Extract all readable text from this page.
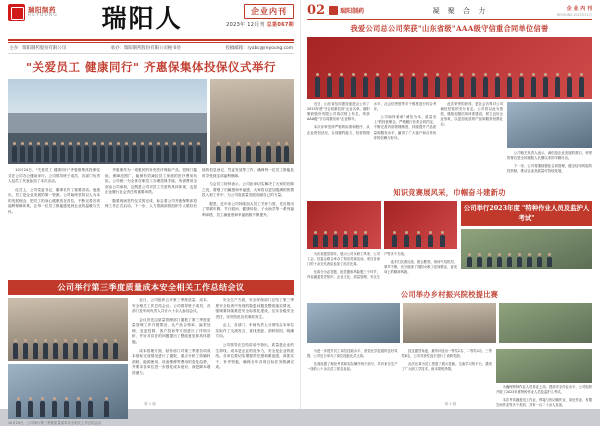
瑞阳制药
REYOUNG 瑞阳人	企业内刊
2023年 12月刊 总第067期
主办：瑞阳制药股份有限公司	承办：瑞阳制药股份有限公司秘书处	投稿邮箱：ryabc@reyoung.com
"关爱员工 健康同行" 齐惠保集体投保仪式举行

10月24日，"关爱员工 健康同行"齐惠保集体投保仪式在公司办公楼前举行。公司领导班子成员、各部门负责人及员工代表参加了本次活动。

仪式上，公司党委书记、董事长作了重要讲话。他指出，员工是企业发展的第一资源，公司始终坚持以人为本的发展理念，把员工的身心健康放在首位，不断完善各项福利保障体系，让每一位员工都能感受到企业的温暖与关怀。

齐惠保作为一项惠民的补充医疗保险产品，投保门槛低、保障范围广，能够有效减轻员工家庭的医疗费用负担。公司统一为全体在职员工办理投保手续，所需费用全部由公司承担，这既是公司对员工关爱的具体体现，也是企业履行社会责任的重要举措。

随着现场签约仪式的完成，标志着公司齐惠保集体投保工作正式启动。下一步，人力资源部将组织专人做好后续的信息登记、凭证发放等工作，确保每一位员工都能及时享受到这项福利保障。

与会员工纷纷表示，公司此举切实解决了大家的后顾之忧，增强了归属感和幸福感，大家将以更加饱满的热情投入到工作中，为公司高质量发展贡献自己的力量。

据悉，近年来公司持续加大员工关怀力度，先后推出了带薪年假、节日慰问、健康体检、子女助学等一系列福利举措，员工满意度和幸福指数不断提升。

公司举行第三季度质量成本安全相关工作总结会议
10月25日，公司举行第三季度质量成本安全相关工作总结会议

近日，公司组织召开第三季度质量、成本、安全相关工作总结会议。公司领导班子成员、各部门及车间负责人共计六十余人参加会议。

会议首先由质量管理部门通报了第三季度质量管理工作开展情况，从产品合格率、偏差处理、变更控制、客户投诉等方面进行了详细分析，并针对存在的问题提出了整改意见和具体措施。

成本管理方面，财务部门对第三季度各项成本指标完成情况进行了通报，重点分析了原辅料消耗、能源使用、设备维修等费用的变化趋势，并要求各单位进一步强化成本意识，深挖降本增效潜力。

安全生产方面，安全环保部门总结了第三季度安全检查中发现的隐患问题及整改落实情况，强调要持续推进安全标准化建设，压实各级安全责任，坚决防范各类事故发生。

会上，各部门、车间负责人分别结合本单位实际作了交流发言，查找差距、剖析原因、明确方向。

公司领导在总结讲话中指出，质量是企业的生命线，成本是企业的竞争力，安全是企业的底线。各单位要切实增强责任感和紧迫感，真抓实干，补齐短板，确保全年各项目标任务圆满完成。

第 1 版
02	瑞阳制药	凝 聚 合 力	企 业 内 刊
REYOUNG 2023年12月
我爱公司总公司荣获"山东省级"AAA级守信重合同单位信誉

近日，山东省信用建设促进会公布了2023年度"守合同重信用"企业名单，瑞阳制药股份有限公司再次榜上有名，荣获AAA级"守合同重信用"企业称号。

本次评审坚持严格的标准和程序，从企业资信状况、合同履约能力、经营管理水平、社会信誉度等多个维度进行综合考评。

公司始终秉承"诚信为本、质量至上"的经营理念，严格履行各类合同约定，不断完善内部管理制度，持续提升产品质量和服务水平，赢得了广大客户和合作伙伴的信赖与好评。

此次荣誉的获得，是社会各界对公司诚信经营的充分肯定。公司将以此为契机，继续加强信用体系建设，树立良好企业形象，以更加优质的产品和服务回馈社会。

公司相关负责人表示，诚信是企业发展的基石，荣誉的背后是全体瑞阳人长期以来的辛勤付出。

下一步，公司将继续强化合同管理，健全信用风险防控机制，推动企业高质量可持续发展。

知识竞赛展风采，巾帼奋斗建新功

为庆祝建党周年，展示公司女职工风采，公司工会、妇委会联合举办了知识竞赛活动。来自各部门的十余支代表队参加了此次比赛。

比赛分为必答题、抢答题和风险题三个环节，内容涵盖党史知识、企业文化、质量管理、安全生产等多个方面。

选手们沉着应战、配合默契，现场气氛热烈，掌声不断，充分展现了瑞阳女职工爱岗敬业、奋发向上的精神风貌。

公司举行2023年度 "特种作业人员及监护人考试"
公司举办乡村振兴院校提比赛

为进一步提升员工岗位技能水平，营造比学赶超的良好氛围，公司近日举办了岗位技能比武大赛。

比赛设置了理论考试和实际操作两个部分，共有来自生产一线的八十余名员工报名参加。

经过激烈角逐，最终评选出一等奖2名、二等奖4名、三等奖6名，公司对获奖选手进行了表彰奖励。

此次比赛为员工搭建了展示技能、交流学习的平台，激发了广大职工学技术、练本领的热情。

为确保特种作业人员持证上岗，提高安全作业水平，公司组织开展了2023年度特种作业人员及监护人考试。

本次考试涵盖电工作业、焊接与热切割作业、高处作业、有限空间作业等多个类别，共有一百二十余人参加。

第 2 版
